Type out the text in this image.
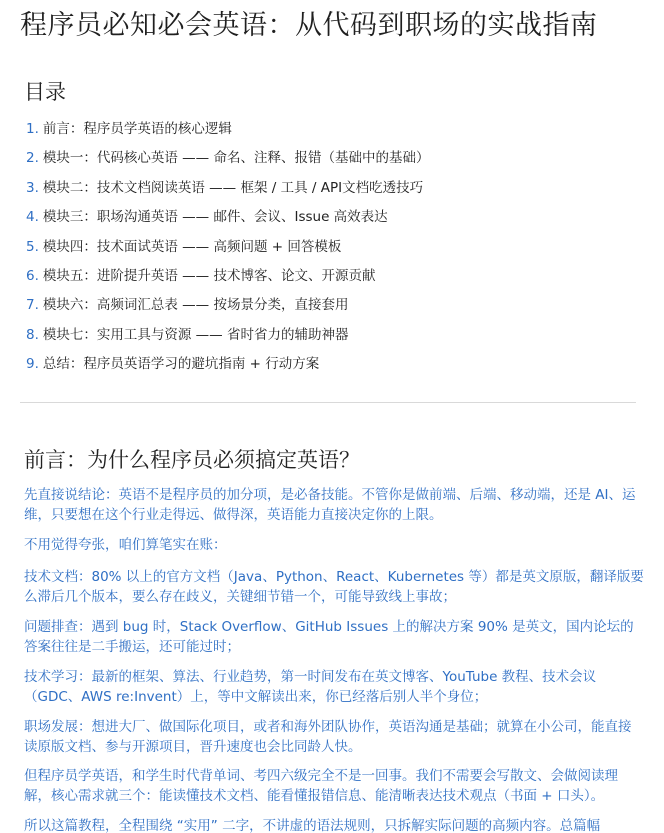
程序员必知必会英语：从代码到职场的实战指南
目录
1. 前言：程序员学英语的核心逻辑
2. 模块一：代码核心英语 —— 命名、注释、报错（基础中的基础）
3. 模块二：技术文档阅读英语 —— 框架 / 工具 / API文档吃透技巧
4. 模块三：职场沟通英语 —— 邮件、会议、Issue 高效表达
5. 模块四：技术面试英语 —— 高频问题 + 回答模板
6. 模块五：进阶提升英语 —— 技术博客、论文、开源贡献
7. 模块六：高频词汇总表 —— 按场景分类，直接套用
8. 模块七：实用工具与资源 —— 省时省力的辅助神器
9. 总结：程序员英语学习的避坑指南 + 行动方案
前言：为什么程序员必须搞定英语？

先直接说结论：英语不是程序员的加分项，是必备技能。不管你是做前端、后端、移动端，还是 AI、运维，只要想在这个行业走得远、做得深，英语能力直接决定你的上限。

不用觉得夸张，咱们算笔实在账：

技术文档：80% 以上的官方文档（Java、Python、React、Kubernetes 等）都是英文原版，翻译版要么滞后几个版本，要么存在歧义，关键细节错一个，可能导致线上事故；

问题排查：遇到 bug 时，Stack Overflow、GitHub Issues 上的解决方案 90% 是英文，国内论坛的答案往往是二手搬运，还可能过时；

技术学习：最新的框架、算法、行业趋势，第一时间发布在英文博客、YouTube 教程、技术会议（GDC、AWS re:Invent）上，等中文解读出来，你已经落后别人半个身位；

职场发展：想进大厂、做国际化项目，或者和海外团队协作，英语沟通是基础；就算在小公司，能直接读原版文档、参与开源项目，晋升速度也会比同龄人快。

但程序员学英语，和学生时代背单词、考四六级完全不是一回事。我们不需要会写散文、会做阅读理解，核心需求就三个：能读懂技术文档、能看懂报错信息、能清晰表达技术观点（书面 + 口头）。

所以这篇教程，全程围绕 “实用” 二字，不讲虚的语法规则，只拆解实际问题的高频内容。总篇幅
